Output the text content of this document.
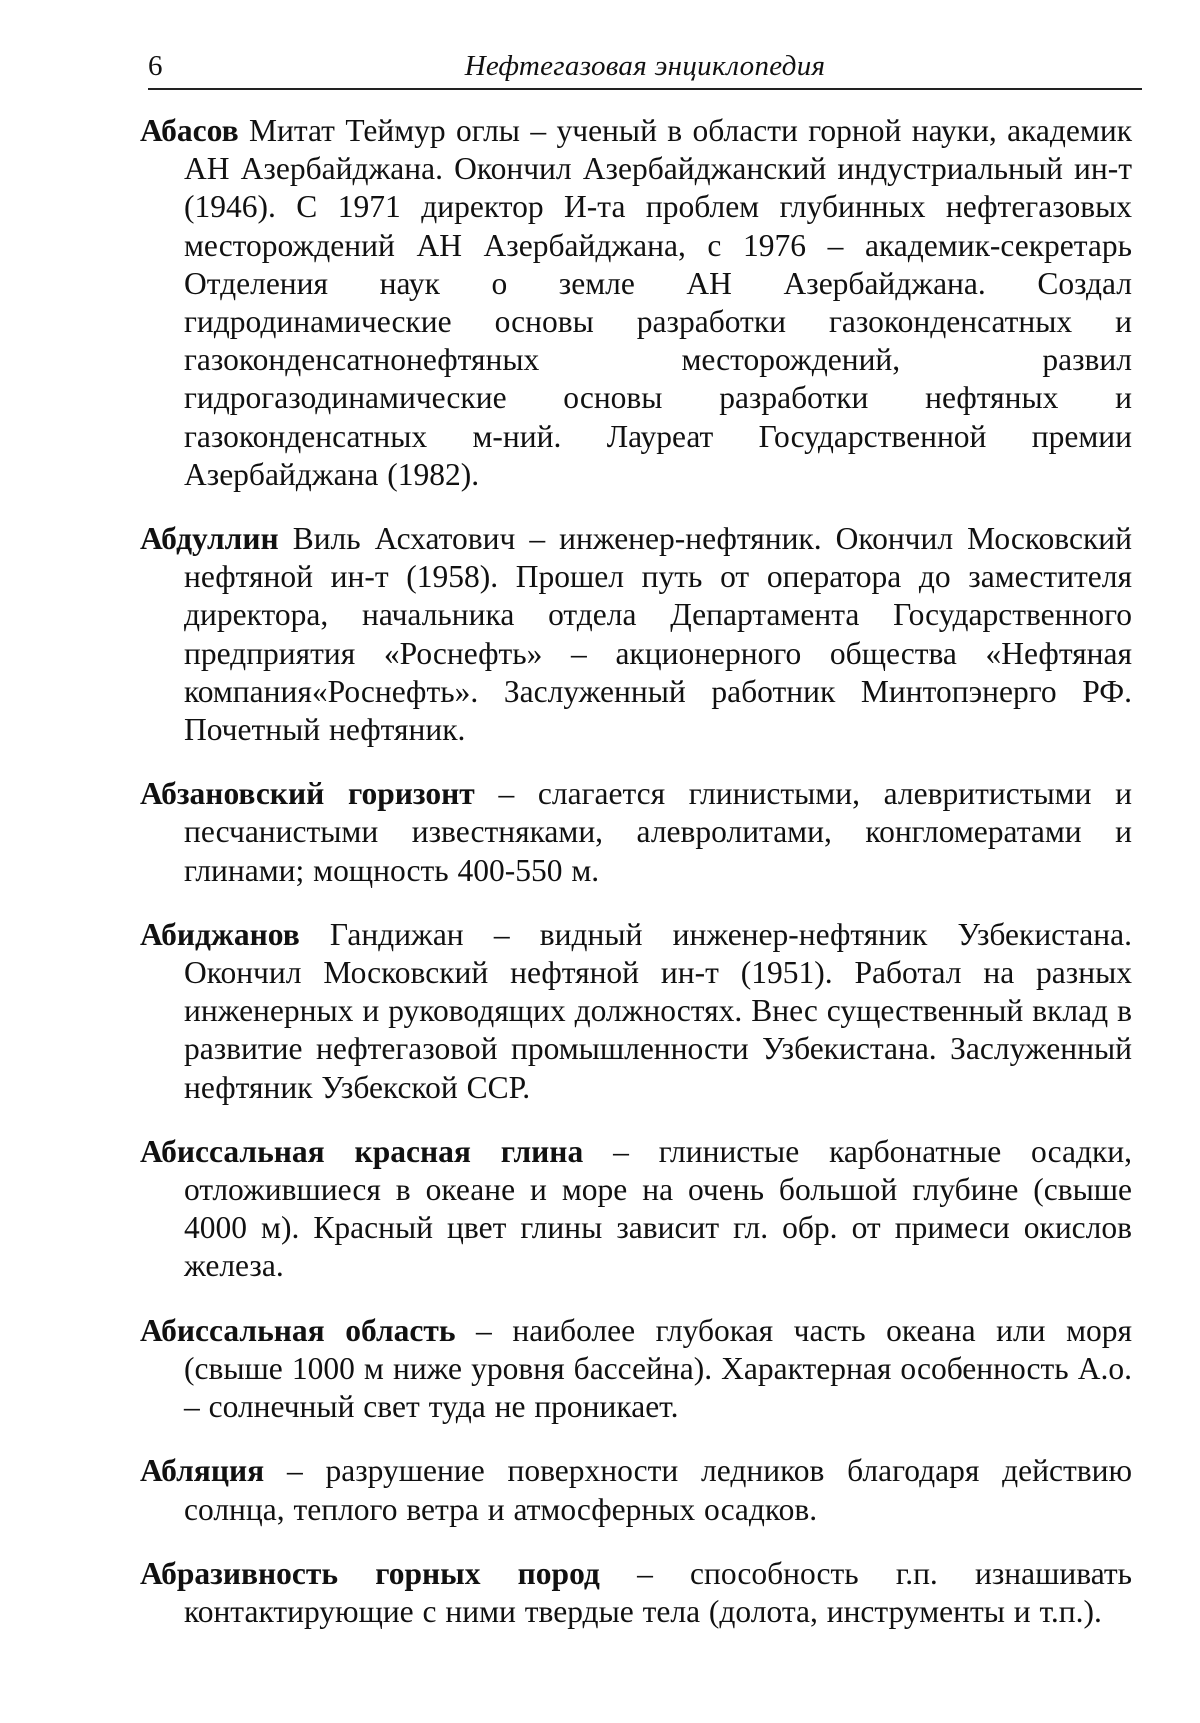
6	Нефтегазовая энциклопедия

Абасов Митат Теймур оглы – ученый в области горной науки, академик АН Азербайджана. Окончил Азербайджанский индустриальный ин-т (1946). С 1971 директор И-та проблем глубинных нефтегазовых месторождений АН Азербайджана, с 1976 – академик-секретарь Отделения наук о земле АН Азербайджана. Создал гидродинамические основы разработки газоконденсатных и газоконденсатнонефтяных месторождений, развил гидрогазодинамические основы разработки нефтяных и газоконденсатных м-ний. Лауреат Государственной премии Азербайджана (1982).

Абдуллин Виль Асхатович – инженер-нефтяник. Окончил Московский нефтяной ин-т (1958). Прошел путь от оператора до заместителя директора, начальника отдела Департамента Государственного предприятия «Роснефть» – акционерного общества «Нефтяная компания«Роснефть». Заслуженный работник Минтопэнерго РФ. Почетный нефтяник.

Абзановский горизонт – слагается глинистыми, алевритистыми и песчанистыми известняками, алевролитами, конгломератами и глинами; мощность 400-550 м.

Абиджанов Гандижан – видный инженер-нефтяник Узбекистана. Окончил Московский нефтяной ин-т (1951). Работал на разных инженерных и руководящих должностях. Внес существенный вклад в развитие нефтегазовой промышленности Узбекистана. Заслуженный нефтяник Узбекской ССР.

Абиссальная красная глина – глинистые карбонатные осадки, отложившиеся в океане и море на очень большой глубине (свыше 4000 м). Красный цвет глины зависит гл. обр. от примеси окислов железа.

Абиссальная область – наиболее глубокая часть океана или моря (свыше 1000 м ниже уровня бассейна). Характерная особенность А.о. – солнечный свет туда не проникает.

Абляция – разрушение поверхности ледников благодаря действию солнца, теплого ветра и атмосферных осадков.

Абразивность горных пород – способность г.п. изнашивать контактирующие с ними твердые тела (долота, инструменты и т.п.).
